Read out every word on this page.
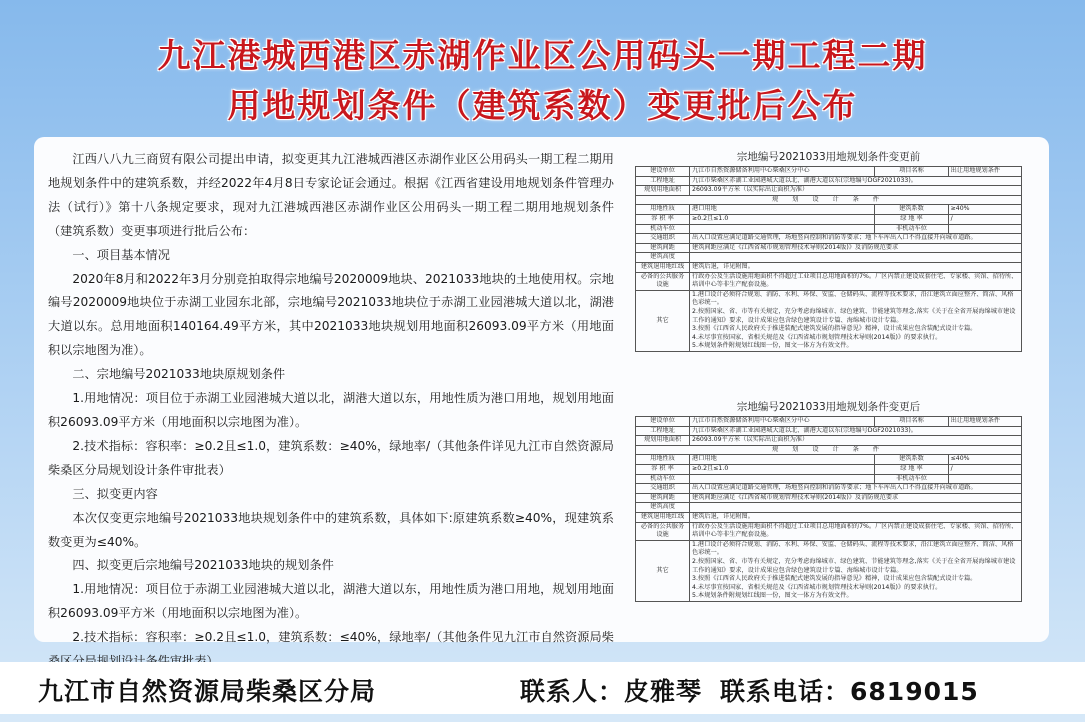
九江港城西港区赤湖作业区公用码头一期工程二期
用地规划条件（建筑系数）变更批后公布

江西八八九三商贸有限公司提出申请，拟变更其九江港城西港区赤湖作业区公用码头一期工程二期用地规划条件中的建筑系数，并经2022年4月8日专家论证会通过。根据《江西省建设用地规划条件管理办法（试行）》第十八条规定要求，现对九江港城西港区赤湖作业区公用码头一期工程二期用地规划条件（建筑系数）变更事项进行批后公布：

一、项目基本情况

2020年8月和2022年3月分别竞拍取得宗地编号2020009地块、2021033地块的土地使用权。宗地编号2020009地块位于赤湖工业园东北部，宗地编号2021033地块位于赤湖工业园港城大道以北，湖港大道以东。总用地面积140164.49平方米，其中2021033地块规划用地面积26093.09平方米（用地面积以宗地图为准）。

二、宗地编号2021033地块原规划条件

1.用地情况：项目位于赤湖工业园港城大道以北，湖港大道以东，用地性质为港口用地，规划用地面积26093.09平方米（用地面积以宗地图为准）。

2.技术指标：容积率：≥0.2且≤1.0，建筑系数：≥40%，绿地率/（其他条件详见九江市自然资源局柴桑区分局规划设计条件审批表）

三、拟变更内容

本次仅变更宗地编号2021033地块规划条件中的建筑系数，具体如下:原建筑系数≥40%，现建筑系数变更为≤40%。

四、拟变更后宗地编号2021033地块的规划条件

1.用地情况：项目位于赤湖工业园港城大道以北，湖港大道以东，用地性质为港口用地，规划用地面积26093.09平方米（用地面积以宗地图为准）。

2.技术指标：容积率：≥0.2且≤1.0，建筑系数：≤40%，绿地率/（其他条件见九江市自然资源局柴

宗地编号2021033用地规划条件变更前
建设单位	九江市自然资源储备利用中心柴桑区分中心	项目名称	出让用地规划条件
工程地址	九江市柴桑区赤湖工业园港城大道以北、湖港大道以东(宗地编号DGF2021033)。		
规划用地面积	26093.09平方米（以实际出让面积为准）		
规 划 设 计 条 件			
用地性质	港口用地	建筑系数	≥40%
容 积 率	≥0.2且≤1.0	绿 地 率	/
机动车位		非机动车位	
交通组织	出入口设置应满足道路交通管理，场地竖向控制和消防等要求；地下车库出入口不得直接开向城市道路。		
建筑间距	建筑间距应满足《江西省城市规划管理技术导则(2014版)》及消防规范要求		
建筑高度			
建筑退用地红线	建筑后退，详见附图。		
必备的公共服务设施	行政办公及生活设施用地面积不得超过工业项目总用地面积的7%。厂区内禁止建设成套住宅、专家楼、宾馆、招待所、培训中心等非生产配套设施。		
其它	1.港口设计必须符合规划、消防、水利、环保、安监、仓储码头、流程等技术要求，沿江建筑立面应整齐、简洁、风格色彩统一。
2.按照国家、省、市等有关规定，充分考虑海绵城市、绿色建筑、节能建筑等理念,落实《关于在全省开展海绵城市建设工作的通知》要求，设计成果应包含绿色建筑设计专篇、海绵城市设计专篇。
3.按照《江西省人民政府关于推进装配式建筑发展的指导意见》精神，设计成果应包含装配式设计专篇。
4.未尽事宜按国家、省相关规范及《江西省城市规划管理技术导则(2014版)》的要求执行。
5.本规划条件附规划红线图一份，图文一体方为有效文件。		
宗地编号2021033用地规划条件变更后
建设单位	九江市自然资源储备利用中心柴桑区分中心	项目名称	出让用地规划条件
工程地址	九江市柴桑区赤湖工业园港城大道以北、湖港大道以东(宗地编号DGF2021033)。		
规划用地面积	26093.09平方米（以实际出让面积为准）		
规 划 设 计 条 件			
用地性质	港口用地	建筑系数	≤40%
容 积 率	≥0.2且≤1.0	绿 地 率	/
机动车位		非机动车位	
交通组织	出入口设置应满足道路交通管理，场地竖向控制和消防等要求；地下车库出入口不得直接开向城市道路。		
建筑间距	建筑间距应满足《江西省城市规划管理技术导则(2014版)》及消防规范要求		
建筑高度			
建筑退用地红线	建筑后退，详见附图。		
必备的公共服务设施	行政办公及生活设施用地面积不得超过工业项目总用地面积的7%。厂区内禁止建设成套住宅、专家楼、宾馆、招待所、培训中心等非生产配套设施。		
其它	1.港口设计必须符合规划、消防、水利、环保、安监、仓储码头、流程等技术要求，沿江建筑立面应整齐、简洁、风格色彩统一。
2.按照国家、省、市等有关规定，充分考虑海绵城市、绿色建筑、节能建筑等理念,落实《关于在全省开展海绵城市建设工作的通知》要求，设计成果应包含绿色建筑设计专篇、海绵城市设计专篇。
3.按照《江西省人民政府关于推进装配式建筑发展的指导意见》精神，设计成果应包含装配式设计专篇。
4.未尽事宜按国家、省相关规范及《江西省城市规划管理技术导则(2014版)》的要求执行。
5.本规划条件附规划红线图一份，图文一体方为有效文件。		
九江市自然资源局柴桑区分局	联系人：皮雅琴 联系电话：6819015
